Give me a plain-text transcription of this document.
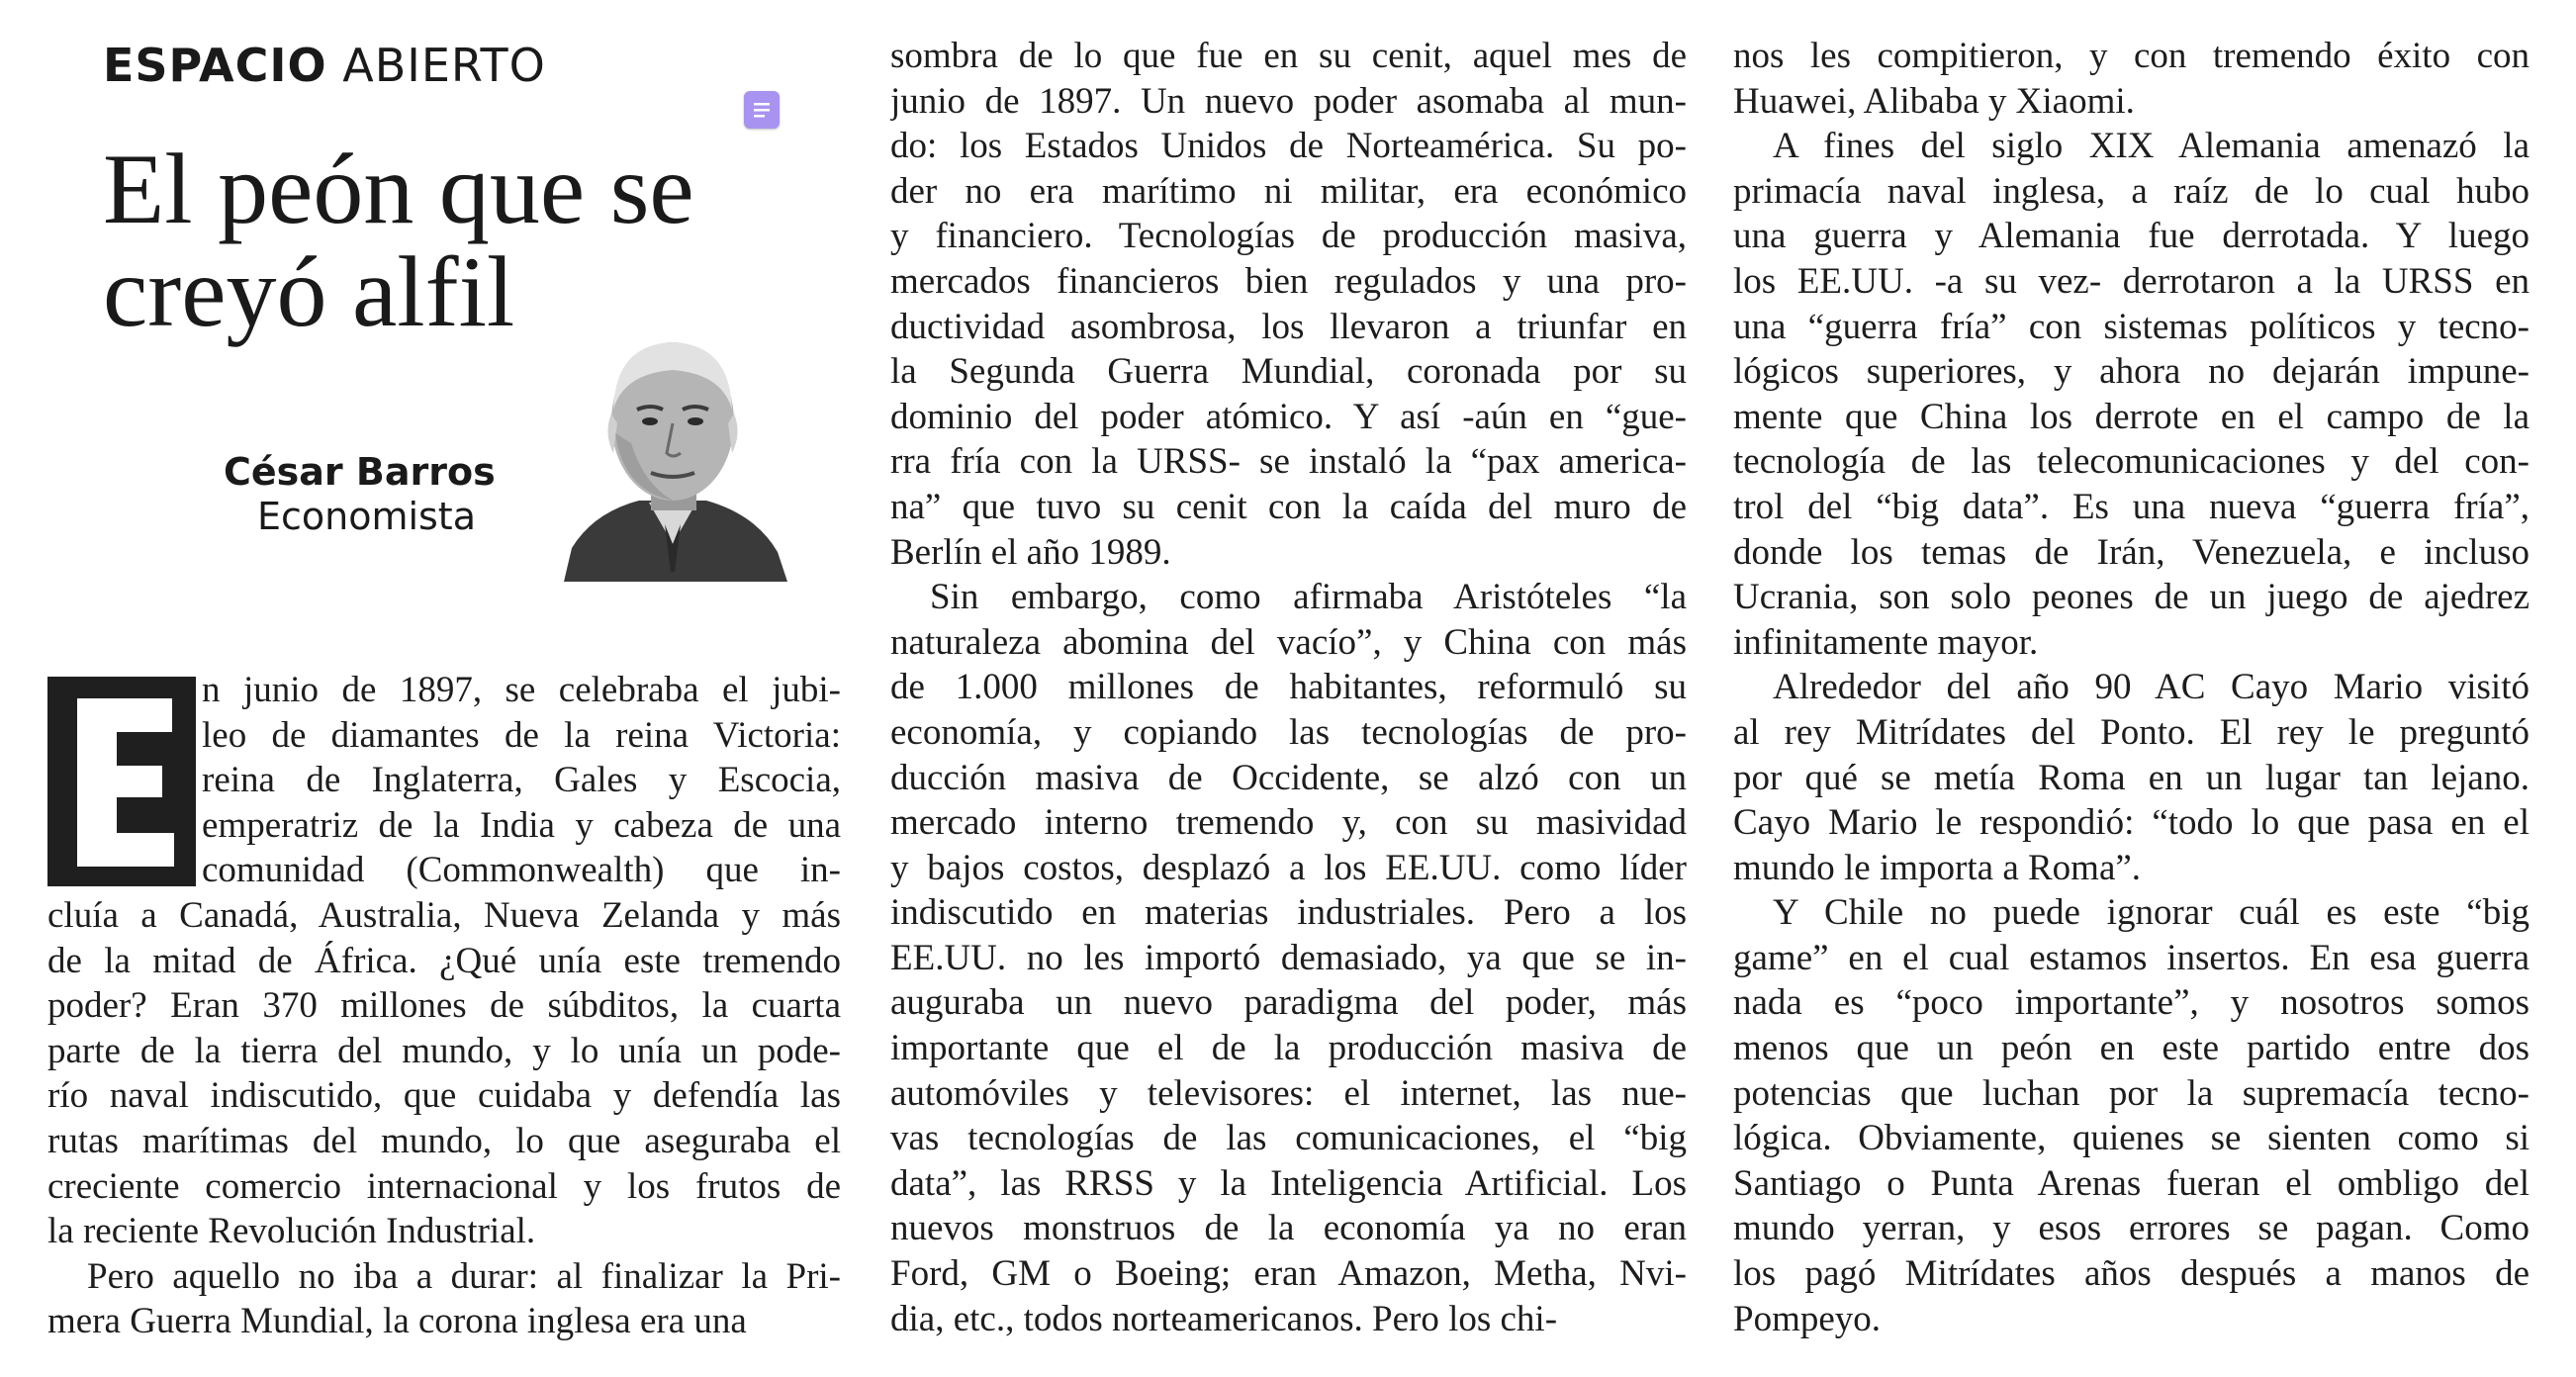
ESPACIO ABIERTO
El peón que se
creyó alfil
César Barros
Economista
n junio de 1897, se celebraba el jubi-
leo de diamantes de la reina Victoria:
reina de Inglaterra, Gales y Escocia,
emperatriz de la India y cabeza de una
comunidad (Commonwealth) que in-
cluía a Canadá, Australia, Nueva Zelanda y más
de la mitad de África. ¿Qué unía este tremendo
poder? Eran 370 millones de súbditos, la cuarta
parte de la tierra del mundo, y lo unía un pode-
río naval indiscutido, que cuidaba y defendía las
rutas marítimas del mundo, lo que aseguraba el
creciente comercio internacional y los frutos de
la reciente Revolución Industrial.
Pero aquello no iba a durar: al finalizar la Pri-
mera Guerra Mundial, la corona inglesa era una
sombra de lo que fue en su cenit, aquel mes de
junio de 1897. Un nuevo poder asomaba al mun-
do: los Estados Unidos de Norteamérica. Su po-
der no era marítimo ni militar, era económico
y financiero. Tecnologías de producción masiva,
mercados financieros bien regulados y una pro-
ductividad asombrosa, los llevaron a triunfar en
la Segunda Guerra Mundial, coronada por su
dominio del poder atómico. Y así -aún en “gue-
rra fría con la URSS- se instaló la “pax america-
na” que tuvo su cenit con la caída del muro de
Berlín el año 1989.
Sin embargo, como afirmaba Aristóteles “la
naturaleza abomina del vacío”, y China con más
de 1.000 millones de habitantes, reformuló su
economía, y copiando las tecnologías de pro-
ducción masiva de Occidente, se alzó con un
mercado interno tremendo y, con su masividad
y bajos costos, desplazó a los EE.UU. como líder
indiscutido en materias industriales. Pero a los
EE.UU. no les importó demasiado, ya que se in-
auguraba un nuevo paradigma del poder, más
importante que el de la producción masiva de
automóviles y televisores: el internet, las nue-
vas tecnologías de las comunicaciones, el “big
data”, las RRSS y la Inteligencia Artificial. Los
nuevos monstruos de la economía ya no eran
Ford, GM o Boeing; eran Amazon, Metha, Nvi-
dia, etc., todos norteamericanos. Pero los chi-
nos les compitieron, y con tremendo éxito con
Huawei, Alibaba y Xiaomi.
A fines del siglo XIX Alemania amenazó la
primacía naval inglesa, a raíz de lo cual hubo
una guerra y Alemania fue derrotada. Y luego
los EE.UU. -a su vez- derrotaron a la URSS en
una “guerra fría” con sistemas políticos y tecno-
lógicos superiores, y ahora no dejarán impune-
mente que China los derrote en el campo de la
tecnología de las telecomunicaciones y del con-
trol del “big data”. Es una nueva “guerra fría”,
donde los temas de Irán, Venezuela, e incluso
Ucrania, son solo peones de un juego de ajedrez
infinitamente mayor.
Alrededor del año 90 AC Cayo Mario visitó
al rey Mitrídates del Ponto. El rey le preguntó
por qué se metía Roma en un lugar tan lejano.
Cayo Mario le respondió: “todo lo que pasa en el
mundo le importa a Roma”.
Y Chile no puede ignorar cuál es este “big
game” en el cual estamos insertos. En esa guerra
nada es “poco importante”, y nosotros somos
menos que un peón en este partido entre dos
potencias que luchan por la supremacía tecno-
lógica. Obviamente, quienes se sienten como si
Santiago o Punta Arenas fueran el ombligo del
mundo yerran, y esos errores se pagan. Como
los pagó Mitrídates años después a manos de
Pompeyo.
